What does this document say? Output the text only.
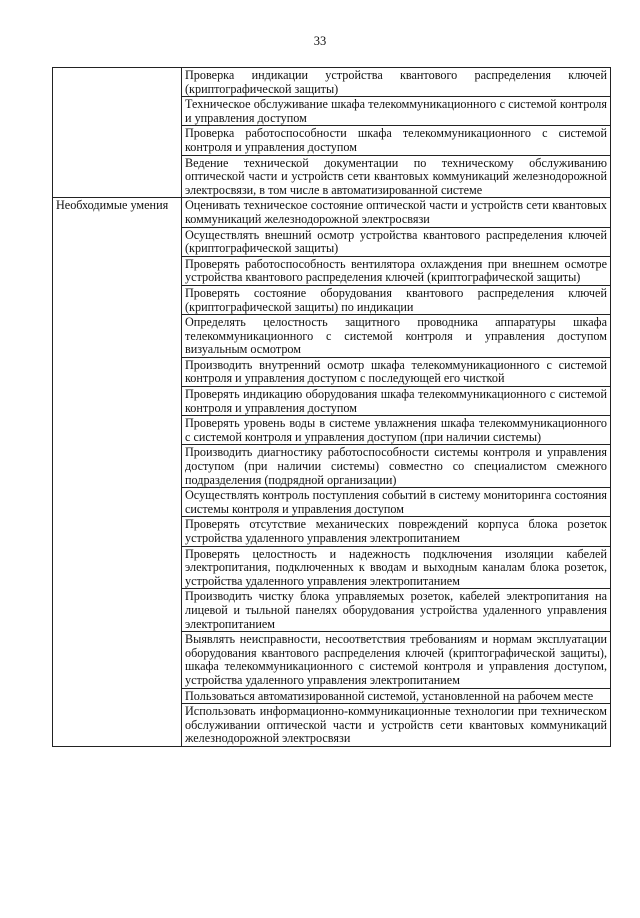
33
	Проверка индикации устройства квантового распределения ключей (криптографической защиты)
	Техническое обслуживание шкафа телекоммуникационного с системой контроля и управления доступом
	Проверка работоспособности шкафа телекоммуникационного с системой контроля и управления доступом
	Ведение технической документации по техническому обслуживанию оптической части и устройств сети квантовых коммуникаций железнодорожной электросвязи, в том числе в автоматизированной системе
Необходимые умения	Оценивать техническое состояние оптической части и устройств сети квантовых коммуникаций железнодорожной электросвязи
	Осуществлять внешний осмотр устройства квантового распределения ключей (криптографической защиты)
	Проверять работоспособность вентилятора охлаждения при внешнем осмотре устройства квантового распределения ключей (криптографической защиты)
	Проверять состояние оборудования квантового распределения ключей (криптографической защиты) по индикации
	Определять целостность защитного проводника аппаратуры шкафа телекоммуникационного с системой контроля и управления доступом визуальным осмотром
	Производить внутренний осмотр шкафа телекоммуникационного с системой контроля и управления доступом с последующей его чисткой
	Проверять индикацию оборудования шкафа телекоммуникационного с системой контроля и управления доступом
	Проверять уровень воды в системе увлажнения шкафа телекоммуникационного с системой контроля и управления доступом (при наличии системы)
	Производить диагностику работоспособности системы контроля и управления доступом (при наличии системы) совместно со специалистом смежного подразделения (подрядной организации)
	Осуществлять контроль поступления событий в систему мониторинга состояния системы контроля и управления доступом
	Проверять отсутствие механических повреждений корпуса блока розеток устройства удаленного управления электропитанием
	Проверять целостность и надежность подключения изоляции кабелей электропитания, подключенных к вводам и выходным каналам блока розеток, устройства удаленного управления электропитанием
	Производить чистку блока управляемых розеток, кабелей электропитания на лицевой и тыльной панелях оборудования устройства удаленного управления электропитанием
	Выявлять неисправности, несоответствия требованиям и нормам эксплуатации оборудования квантового распределения ключей (криптографической защиты), шкафа телекоммуникационного с системой контроля и управления доступом, устройства удаленного управления электропитанием
	Пользоваться автоматизированной системой, установленной на рабочем месте
	Использовать информационно-коммуникационные технологии при техническом обслуживании оптической части и устройств сети квантовых коммуникаций железнодорожной электросвязи
